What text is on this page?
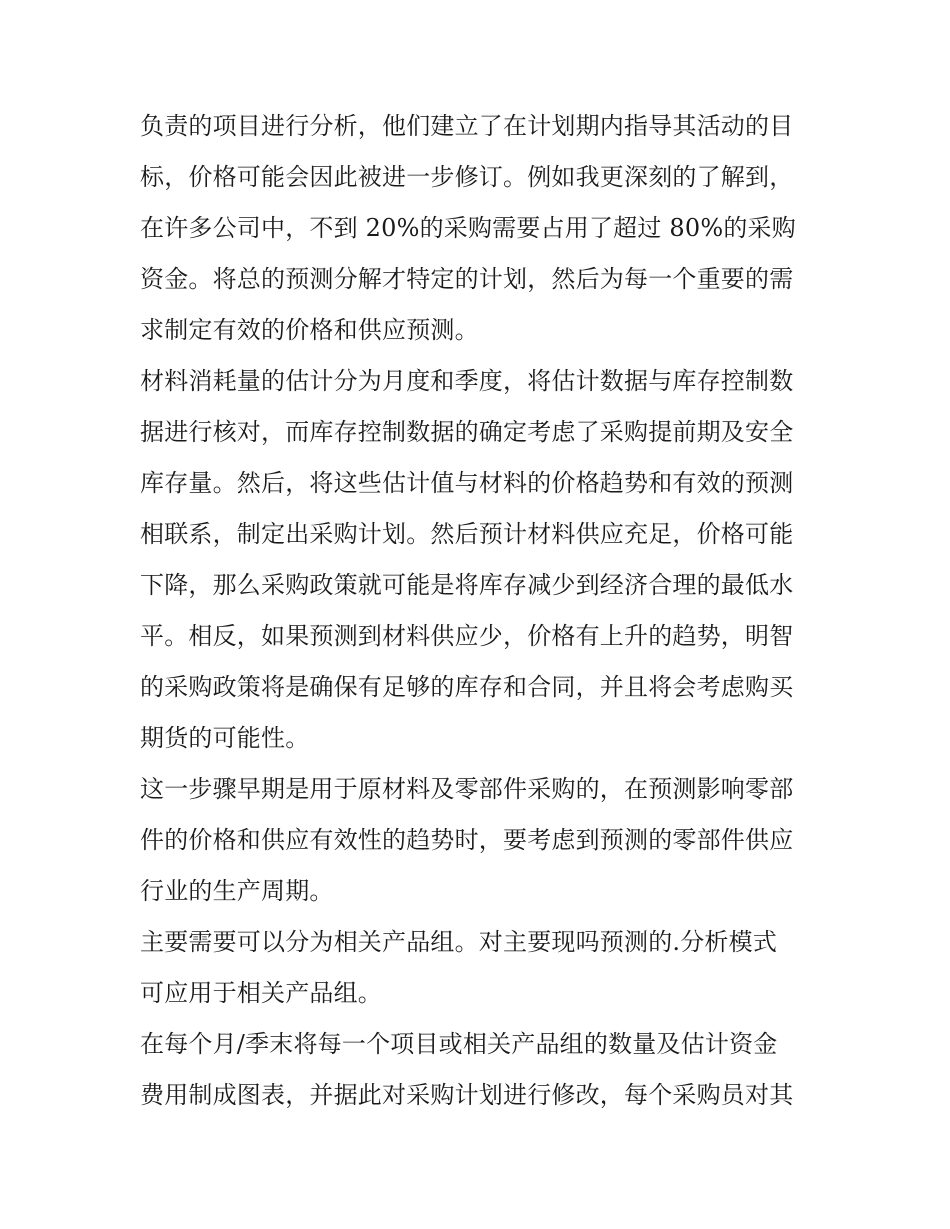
负责的项目进行分析，他们建立了在计划期内指导其活动的目
标，价格可能会因此被进一步修订。例如我更深刻的了解到，
在许多公司中，不到 20%的采购需要占用了超过 80%的采购
资金。将总的预测分解才特定的计划，然后为每一个重要的需
求制定有效的价格和供应预测。
材料消耗量的估计分为月度和季度，将估计数据与库存控制数
据进行核对，而库存控制数据的确定考虑了采购提前期及安全
库存量。然后，将这些估计值与材料的价格趋势和有效的预测
相联系，制定出采购计划。然后预计材料供应充足，价格可能
下降，那么采购政策就可能是将库存减少到经济合理的最低水
平。相反，如果预测到材料供应少，价格有上升的趋势，明智
的采购政策将是确保有足够的库存和合同，并且将会考虑购买
期货的可能性。
这一步骤早期是用于原材料及零部件采购的，在预测影响零部
件的价格和供应有效性的趋势时，要考虑到预测的零部件供应
行业的生产周期。
主要需要可以分为相关产品组。对主要现吗预测的.分析模式
可应用于相关产品组。
在每个月/季末将每一个项目或相关产品组的数量及估计资金
费用制成图表，并据此对采购计划进行修改，每个采购员对其
